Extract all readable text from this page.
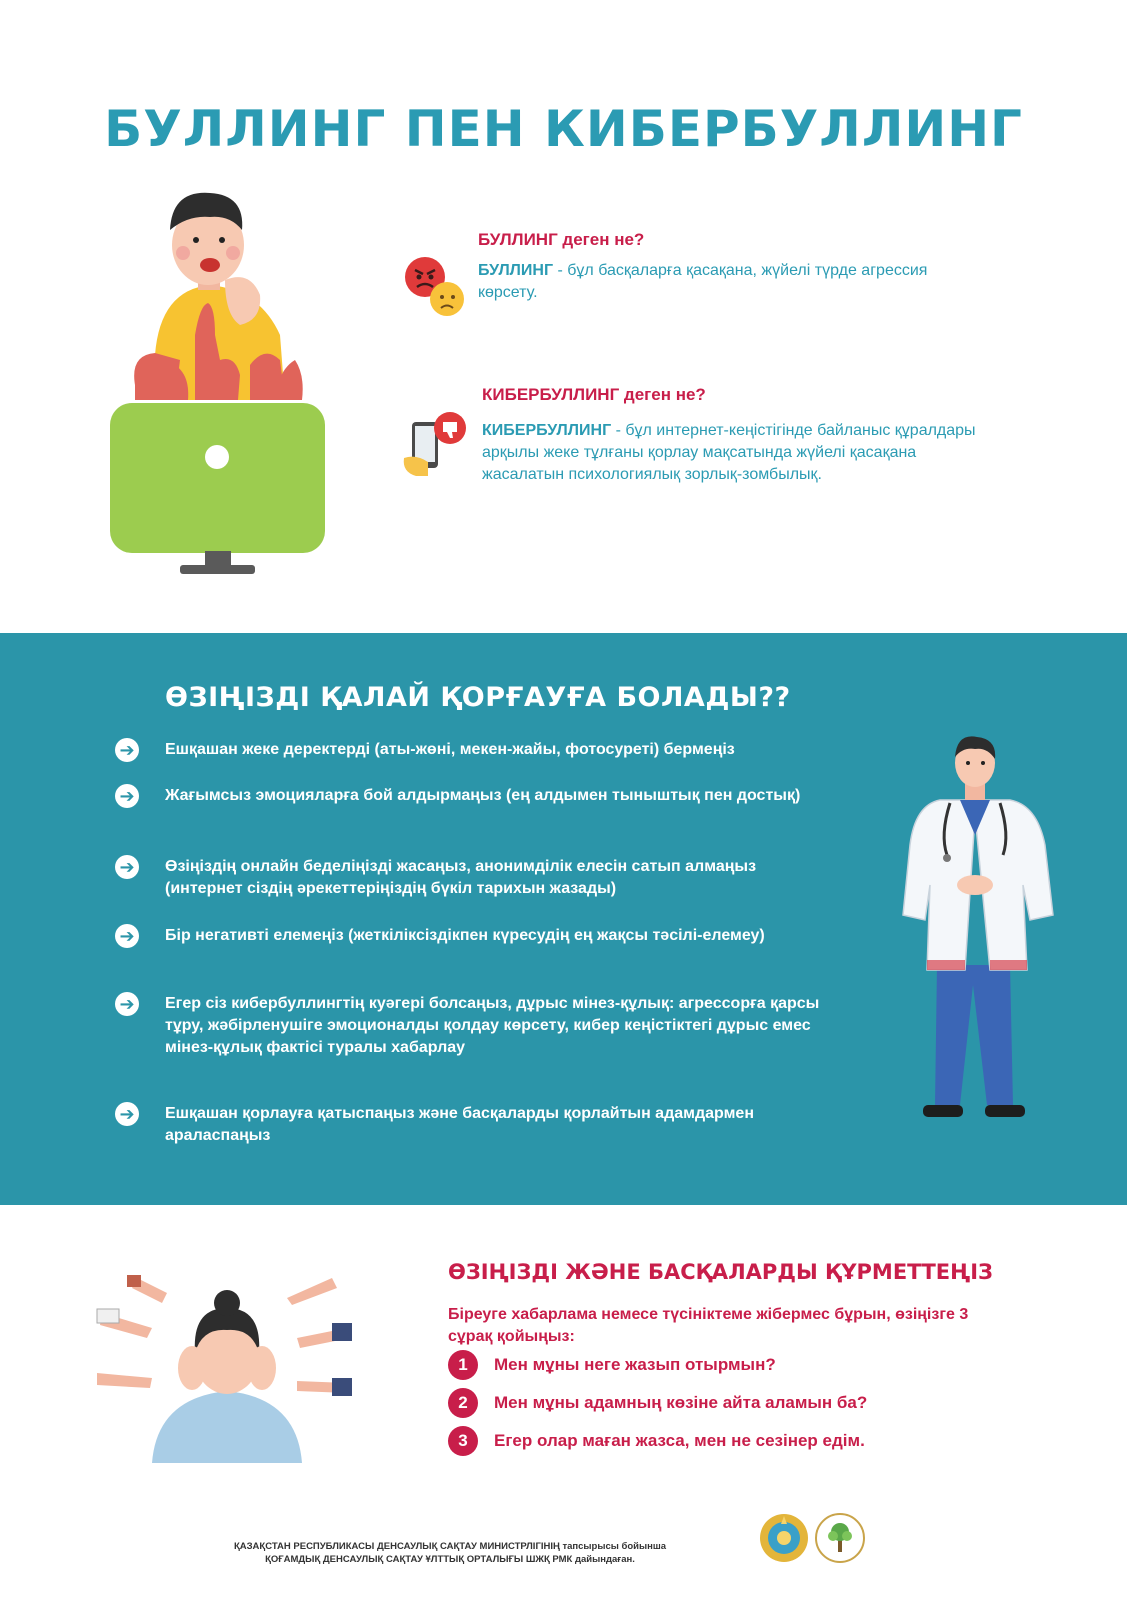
БУЛЛИНГ ПЕН КИБЕРБУЛЛИНГ
БУЛЛИНГ деген не?
БУЛЛИНГ - бұл басқаларға қасақана, жүйелі түрде агрессия көрсету.
КИБЕРБУЛЛИНГ деген не?
КИБЕРБУЛЛИНГ - бұл интернет-кеңістігінде байланыс құралдары арқылы жеке тұлғаны қорлау мақсатында жүйелі қасақана жасалатын психологиялық зорлық-зомбылық.
ӨЗІҢІЗДІ ҚАЛАЙ ҚОРҒАУҒА БОЛАДЫ??
➔ Ешқашан жеке деректерді (аты-жөні, мекен-жайы, фотосуреті) бермеңіз
➔ Жағымсыз эмоцияларға бой алдырмаңыз (ең алдымен тыныштық пен достық)
➔ Өзіңіздің онлайн беделіңізді жасаңыз, анонимділік елесін сатып алмаңыз (интернет сіздің әрекеттеріңіздің бүкіл тарихын жазады)
➔ Бір негативті елемеңіз (жеткіліксіздікпен күресудің ең жақсы тәсілі-елемеу)
➔ Егер сіз кибербуллингтің куәгері болсаңыз, дұрыс мінез-құлық: агрессорға қарсы тұру, жәбірленушіге эмоционалды қолдау көрсету, кибер кеңістіктегі дұрыс емес мінез-құлық фактісі туралы хабарлау
➔ Ешқашан қорлауға қатыспаңыз және басқаларды қорлайтын адамдармен араласпаңыз
ӨЗІҢІЗДІ ЖӘНЕ БАСҚАЛАРДЫ ҚҰРМЕТТЕҢІЗ
Біреуге хабарлама немесе түсініктеме жібермес бұрын, өзіңізге 3 сұрақ қойыңыз:
1	Мен мұны неге жазып отырмын?
2	Мен мұны адамның көзіне айта аламын ба?
3	Егер олар маған жазса, мен не сезінер едім.
ҚАЗАҚСТАН РЕСПУБЛИКАСЫ ДЕНСАУЛЫҚ САҚТАУ МИНИСТРЛІГІНІҢ тапсырысы бойынша
ҚОҒАМДЫҚ ДЕНСАУЛЫҚ САҚТАУ ҰЛТТЫҚ ОРТАЛЫҒЫ ШЖҚ РМК дайындаған.
